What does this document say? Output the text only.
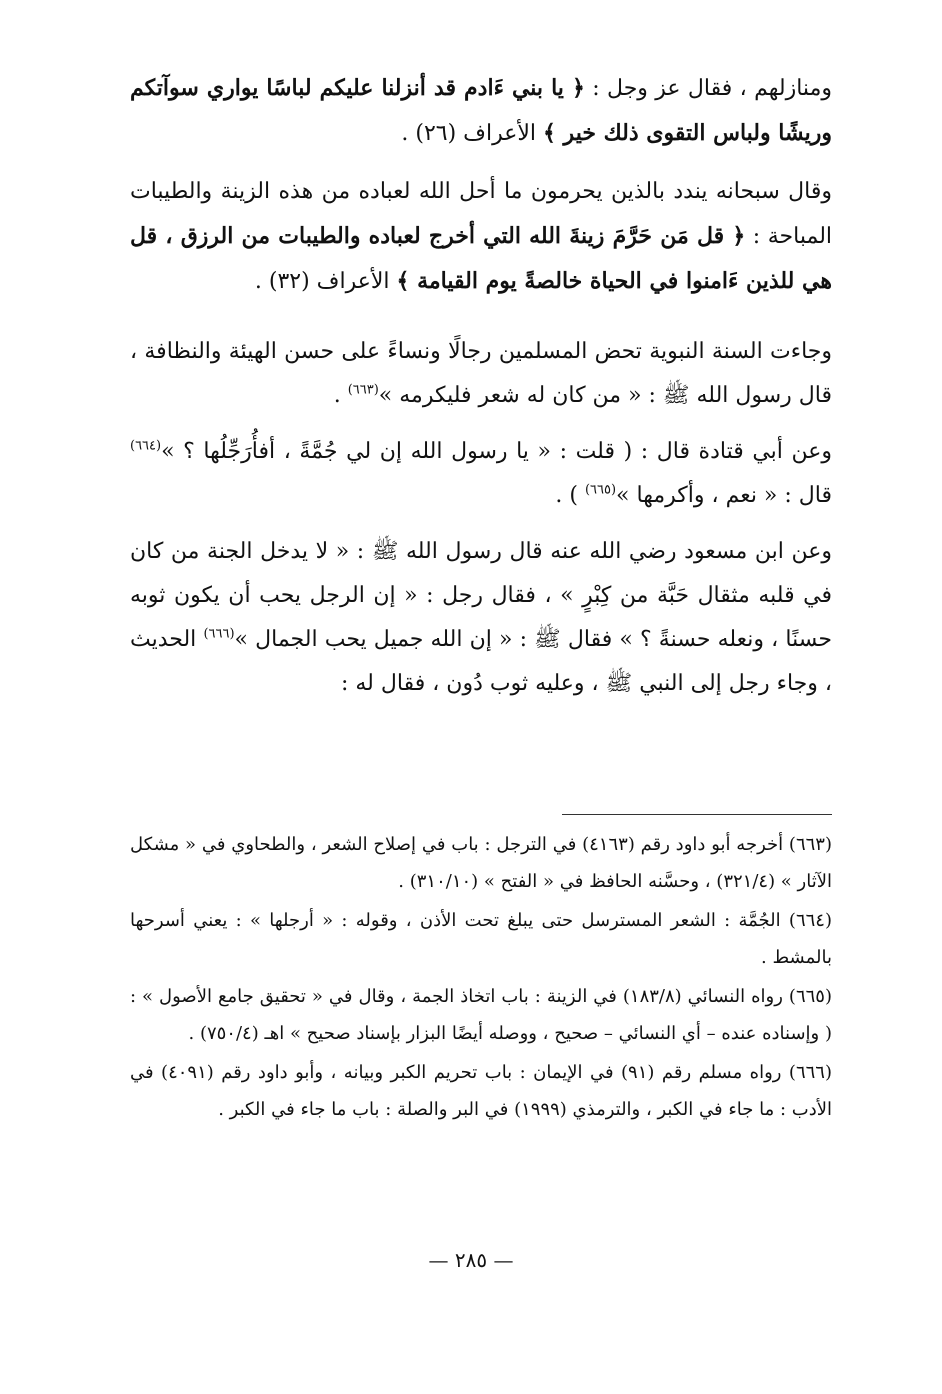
ومنازلهم ، فقال عز وجل : ﴿ يا بني ءَادم قد أنزلنا عليكم لباسًا يواري سوآتكم وريشًا ولباس التقوى ذلك خير ﴾ الأعراف (٢٦) .

وقال سبحانه يندد بالذين يحرمون ما أحل الله لعباده من هذه الزينة والطيبات المباحة : ﴿ قل مَن حَرَّمَ زينةَ الله التي أخرج لعباده والطيبات من الرزق ، قل هي للذين ءَامنوا في الحياة خالصةً يوم القيامة ﴾ الأعراف (٣٢) .

وجاءت السنة النبوية تحض المسلمين رجالًا ونساءً على حسن الهيئة والنظافة ، قال رسول الله ﷺ : « من كان له شعر فليكرمه »$^{(٦٦٣)}$ .

وعن أبي قتادة قال : ( قلت : « يا رسول الله إن لي جُمَّةً ، أفأُرَجِّلُها ؟ »$^{(٦٦٤)}$ قال : « نعم ، وأكرمها »$^{(٦٦٥)}$ ) .

وعن ابن مسعود رضي الله عنه قال رسول الله ﷺ : « لا يدخل الجنة من كان في قلبه مثقال حَبَّة من كِبْرٍ » ، فقال رجل : « إن الرجل يحب أن يكون ثوبه حسنًا ، ونعله حسنةً ؟ » فقال ﷺ : « إن الله جميل يحب الجمال »$^{(٦٦٦)}$ الحديث ، وجاء رجل إلى النبي ﷺ ، وعليه ثوب دُون ، فقال له :

(٦٦٣) أخرجه أبو داود رقم (٤١٦٣) في الترجل : باب في إصلاح الشعر ، والطحاوي في « مشكل الآثار » (٣٢١/٤) ، وحسَّنه الحافظ في « الفتح » (٣١٠/١٠) .

(٦٦٤) الجُمَّة : الشعر المسترسل حتى يبلغ تحت الأذن ، وقوله : « أرجلها » : يعني أسرحها بالمشط .

(٦٦٥) رواه النسائي (١٨٣/٨) في الزينة : باب اتخاذ الجمة ، وقال في « تحقيق جامع الأصول » : ( وإسناده عنده – أي النسائي – صحيح ، ووصله أيضًا البزار بإسناد صحيح » اهـ (٧٥٠/٤) .

(٦٦٦) رواه مسلم رقم (٩١) في الإيمان : باب تحريم الكبر وبيانه ، وأبو داود رقم (٤٠٩١) في الأدب : ما جاء في الكبر ، والترمذي (١٩٩٩) في البر والصلة : باب ما جاء في الكبر .

— ٢٨٥ —
